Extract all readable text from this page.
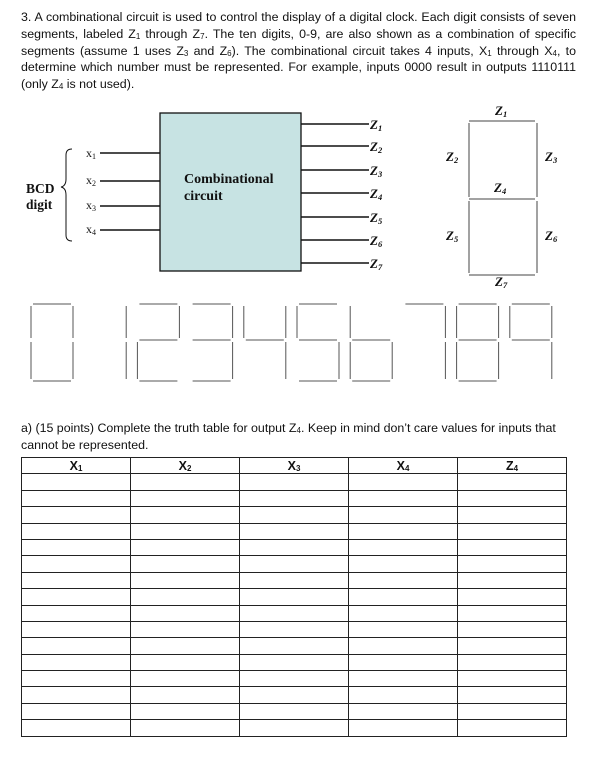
3. A combinational circuit is used to control the display of a digital clock. Each digit consists of seven segments, labeled $Z_1$ through $Z_7$. The ten digits, 0-9, are also shown as a combination of specific segments (assume 1 uses $Z_3$ and $Z_6$). The combinational circuit takes 4 inputs, $X_1$ through $X_4$, to determine which number must be represented. For example, inputs 0000 result in outputs 1110111 (only $Z_4$ is not used).

BCD
digit
x1
x2
x3
x4
Combinational
circuit
Z1
Z2
Z3
Z4
Z5
Z6
Z7
Z1
Z2	Z3
Z4
Z5	Z6
Z7

a) (15 points) Complete the truth table for output $Z_4$. Keep in mind don’t care values for inputs that cannot be represented.

$X_1$	$X_2$	$X_3$	$X_4$	$Z_4$
